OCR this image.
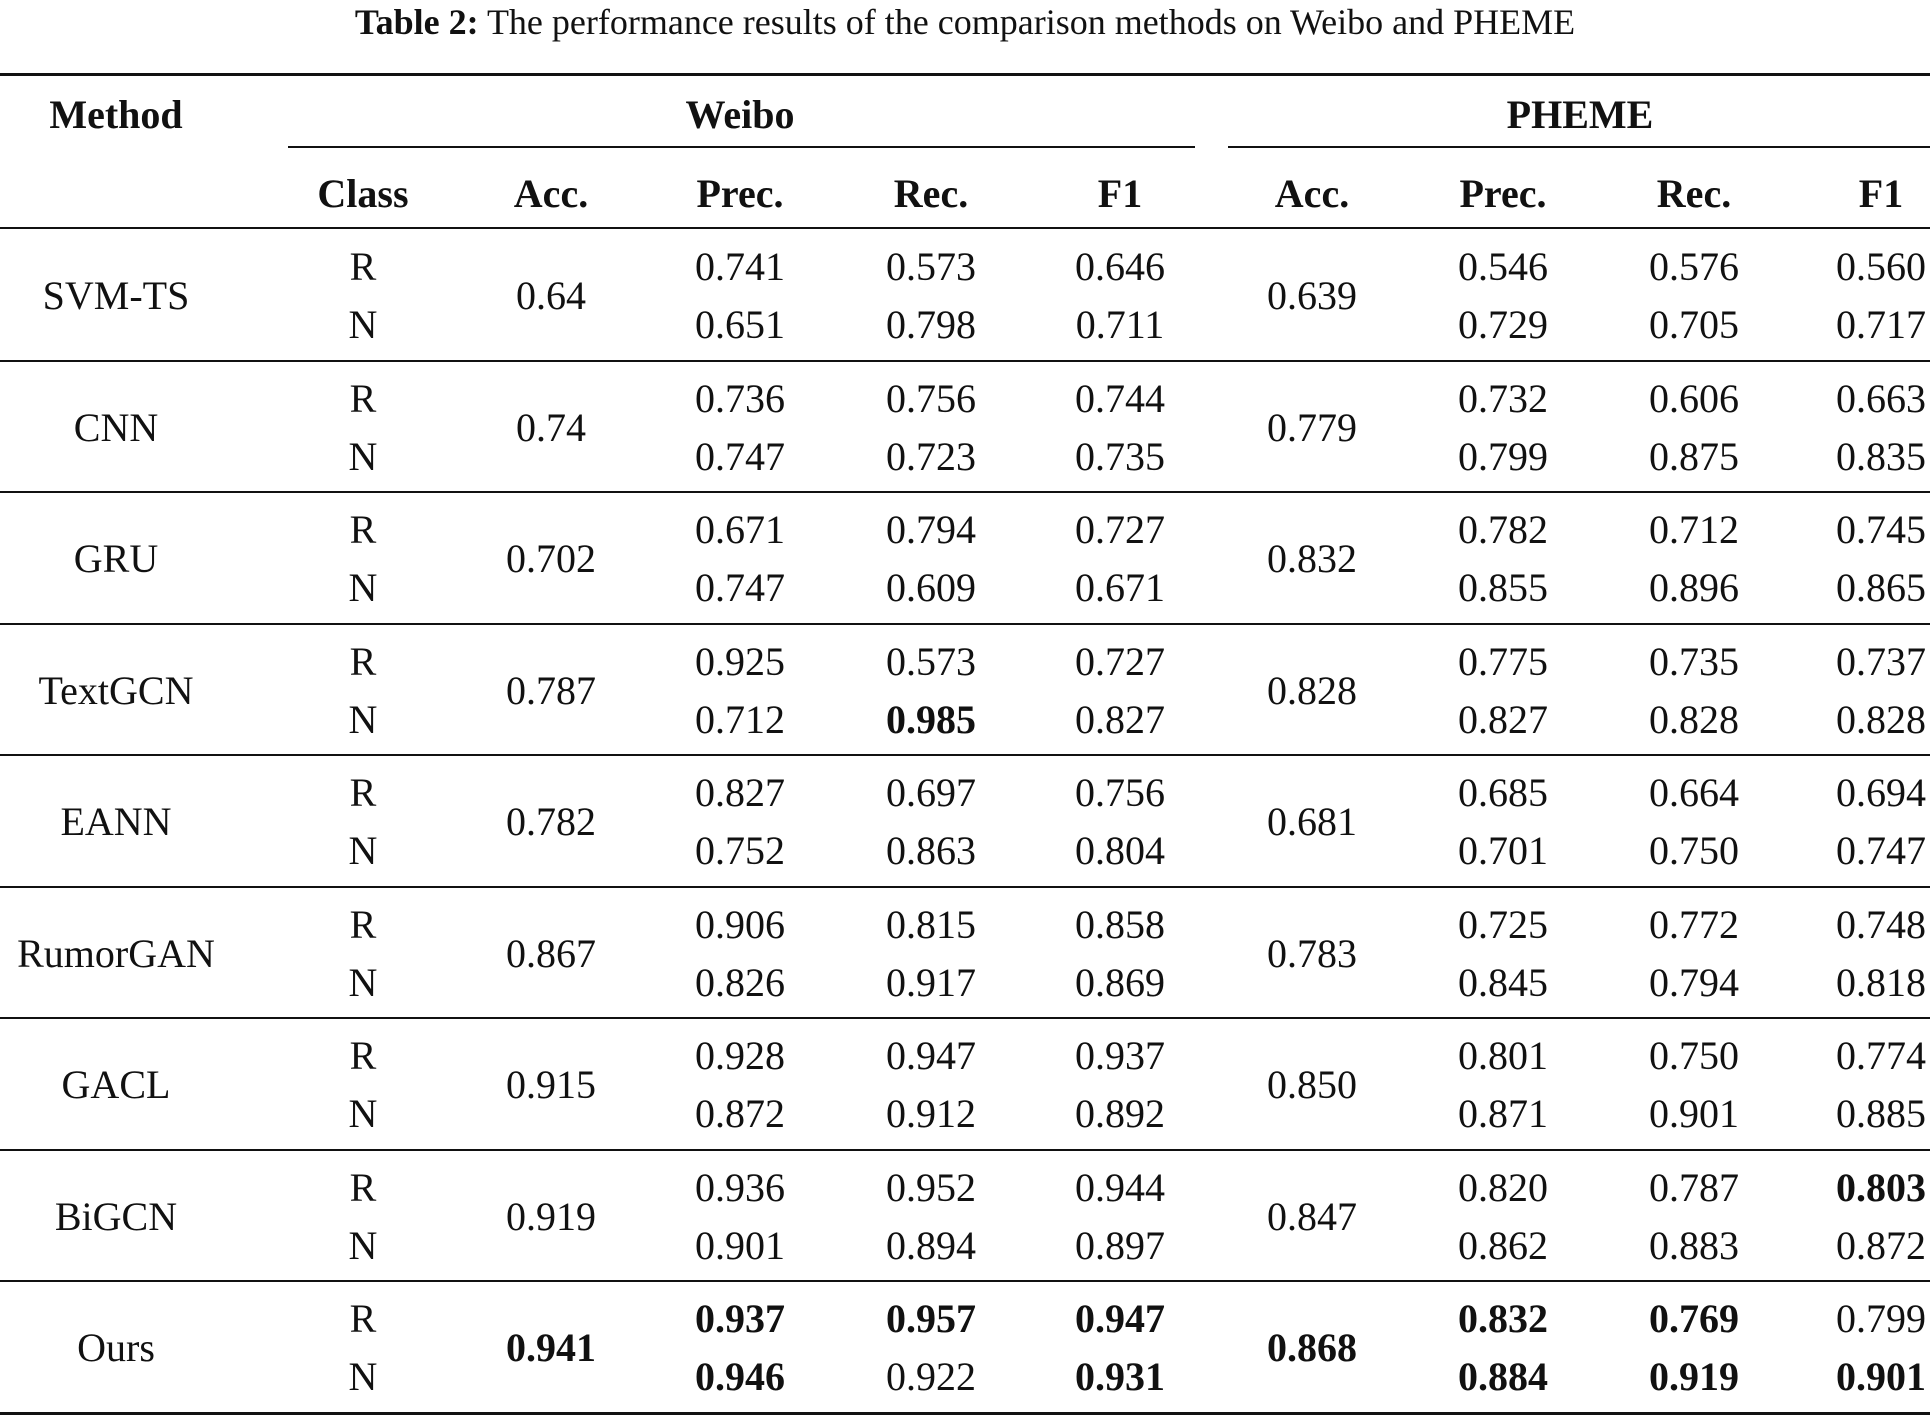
Table 2: The performance results of the comparison methods on Weibo and PHEME
Method	Weibo	PHEME
Class	Acc.	Prec.	Rec.	F1	Acc.	Prec.	Rec.	F1
SVM-TS	0.64	0.639
R	0.741	0.573	0.646	0.546	0.576	0.560
N	0.651	0.798	0.711	0.729	0.705	0.717
CNN	0.74	0.779
R	0.736	0.756	0.744	0.732	0.606	0.663
N	0.747	0.723	0.735	0.799	0.875	0.835
GRU	0.702	0.832
R	0.671	0.794	0.727	0.782	0.712	0.745
N	0.747	0.609	0.671	0.855	0.896	0.865
TextGCN	0.787	0.828
R	0.925	0.573	0.727	0.775	0.735	0.737
N	0.712	0.985	0.827	0.827	0.828	0.828
EANN	0.782	0.681
R	0.827	0.697	0.756	0.685	0.664	0.694
N	0.752	0.863	0.804	0.701	0.750	0.747
RumorGAN	0.867	0.783
R	0.906	0.815	0.858	0.725	0.772	0.748
N	0.826	0.917	0.869	0.845	0.794	0.818
GACL	0.915	0.850
R	0.928	0.947	0.937	0.801	0.750	0.774
N	0.872	0.912	0.892	0.871	0.901	0.885
BiGCN	0.919	0.847
R	0.936	0.952	0.944	0.820	0.787	0.803
N	0.901	0.894	0.897	0.862	0.883	0.872
Ours	0.941	0.868
R	0.937	0.957	0.947	0.832	0.769	0.799
N	0.946	0.922	0.931	0.884	0.919	0.901
